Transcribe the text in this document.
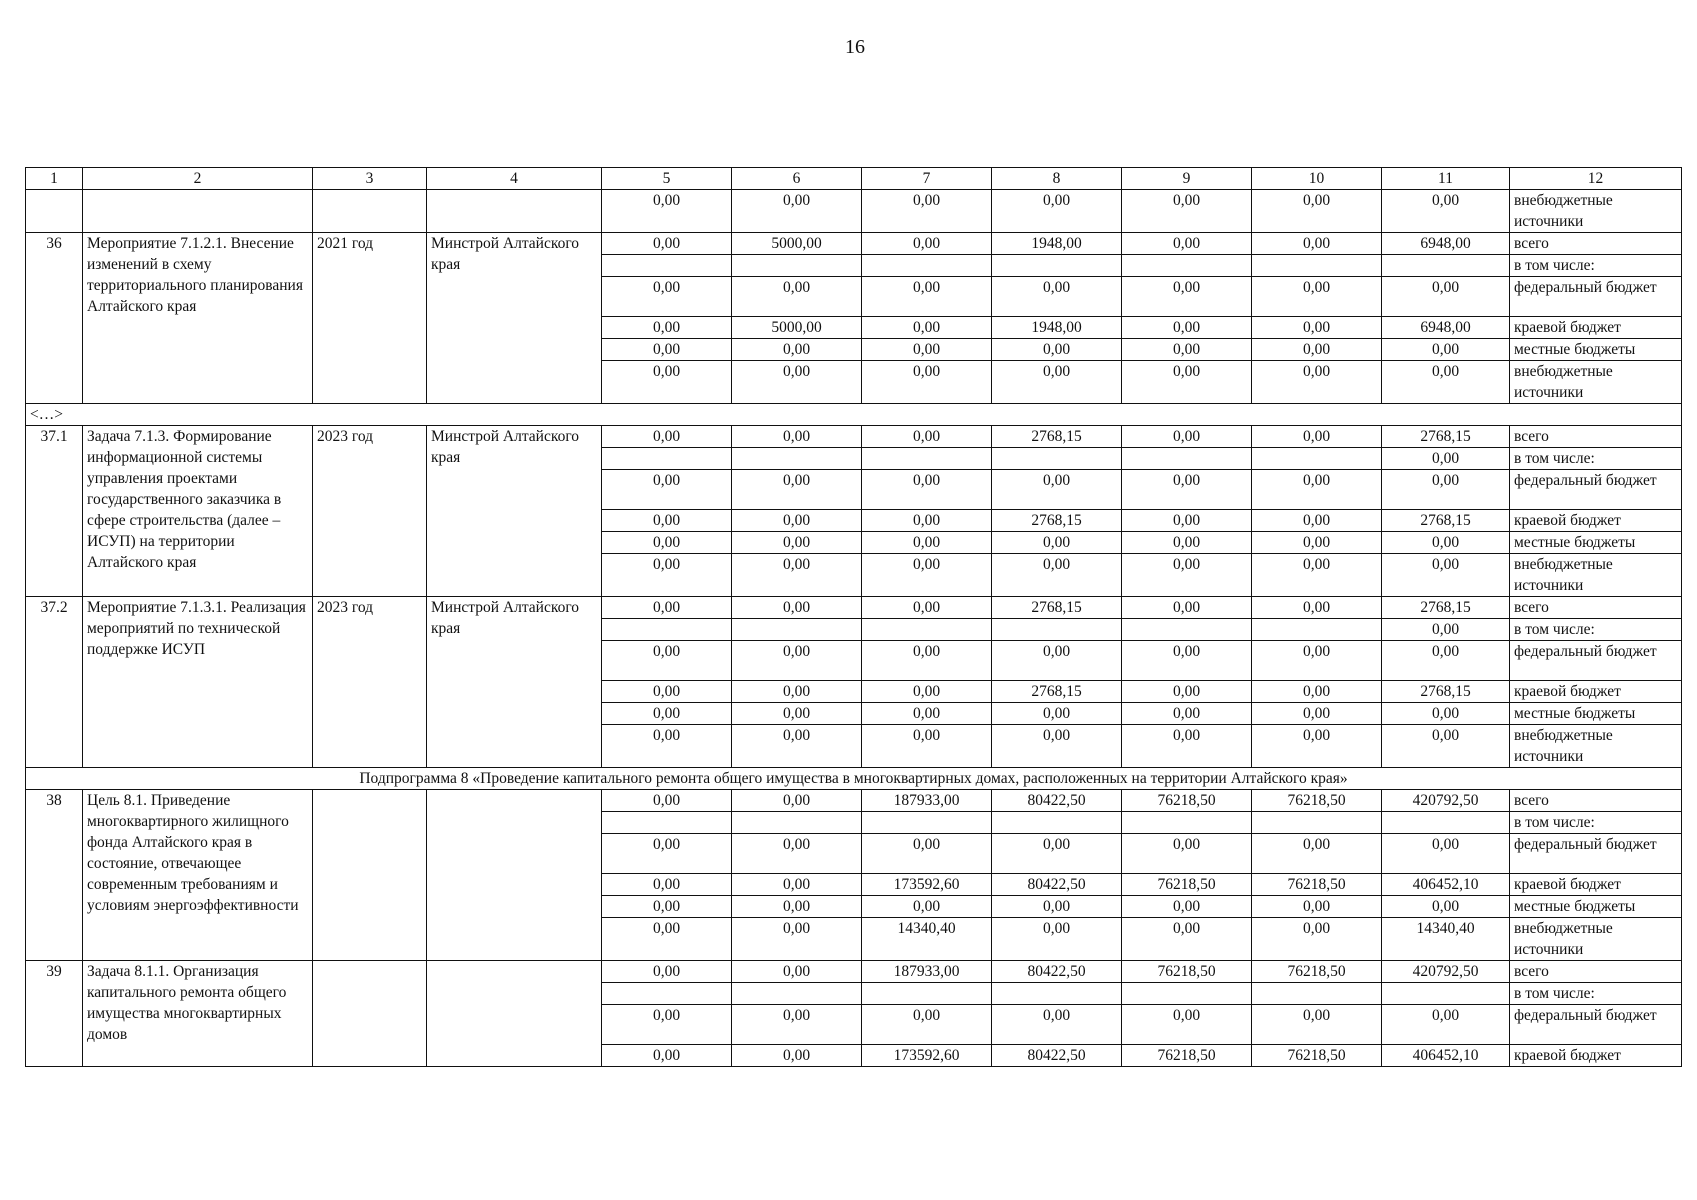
16
1	2	3	4	5	6	7	8	9	10	11	12
				0,00	0,00	0,00	0,00	0,00	0,00	0,00	внебюджетные источники
36	Мероприятие 7.1.2.1. Внесение изменений в схему территориального планирования Алтайского края	2021 год	Минстрой Алтайского края	0,00	5000,00	0,00	1948,00	0,00	0,00	6948,00	всего
											в том числе:
				0,00	0,00	0,00	0,00	0,00	0,00	0,00	федеральный бюджет
				0,00	5000,00	0,00	1948,00	0,00	0,00	6948,00	краевой бюджет
				0,00	0,00	0,00	0,00	0,00	0,00	0,00	местные бюджеты
				0,00	0,00	0,00	0,00	0,00	0,00	0,00	внебюджетные источники
<…>											
37.1	Задача 7.1.3. Формирование информационной системы управления проектами государственного заказчика в сфере строительства (далее – ИСУП) на территории Алтайского края	2023 год	Минстрой Алтайского края	0,00	0,00	0,00	2768,15	0,00	0,00	2768,15	всего
										0,00	в том числе:
				0,00	0,00	0,00	0,00	0,00	0,00	0,00	федеральный бюджет
				0,00	0,00	0,00	2768,15	0,00	0,00	2768,15	краевой бюджет
				0,00	0,00	0,00	0,00	0,00	0,00	0,00	местные бюджеты
				0,00	0,00	0,00	0,00	0,00	0,00	0,00	внебюджетные источники
37.2	Мероприятие 7.1.3.1. Реализация мероприятий по технической поддержке ИСУП	2023 год	Минстрой Алтайского края	0,00	0,00	0,00	2768,15	0,00	0,00	2768,15	всего
										0,00	в том числе:
				0,00	0,00	0,00	0,00	0,00	0,00	0,00	федеральный бюджет
				0,00	0,00	0,00	2768,15	0,00	0,00	2768,15	краевой бюджет
				0,00	0,00	0,00	0,00	0,00	0,00	0,00	местные бюджеты
				0,00	0,00	0,00	0,00	0,00	0,00	0,00	внебюджетные источники
Подпрограмма 8 «Проведение капитального ремонта общего имущества в многоквартирных домах, расположенных на территории Алтайского края»											
38	Цель 8.1. Приведение многоквартирного жилищного фонда Алтайского края в состояние, отвечающее современным требованиям и условиям энергоэффективности			0,00	0,00	187933,00	80422,50	76218,50	76218,50	420792,50	всего
											в том числе:
				0,00	0,00	0,00	0,00	0,00	0,00	0,00	федеральный бюджет
				0,00	0,00	173592,60	80422,50	76218,50	76218,50	406452,10	краевой бюджет
				0,00	0,00	0,00	0,00	0,00	0,00	0,00	местные бюджеты
				0,00	0,00	14340,40	0,00	0,00	0,00	14340,40	внебюджетные источники
39	Задача 8.1.1. Организация капитального ремонта общего имущества многоквартирных домов			0,00	0,00	187933,00	80422,50	76218,50	76218,50	420792,50	всего
											в том числе:
				0,00	0,00	0,00	0,00	0,00	0,00	0,00	федеральный бюджет
				0,00	0,00	173592,60	80422,50	76218,50	76218,50	406452,10	краевой бюджет
